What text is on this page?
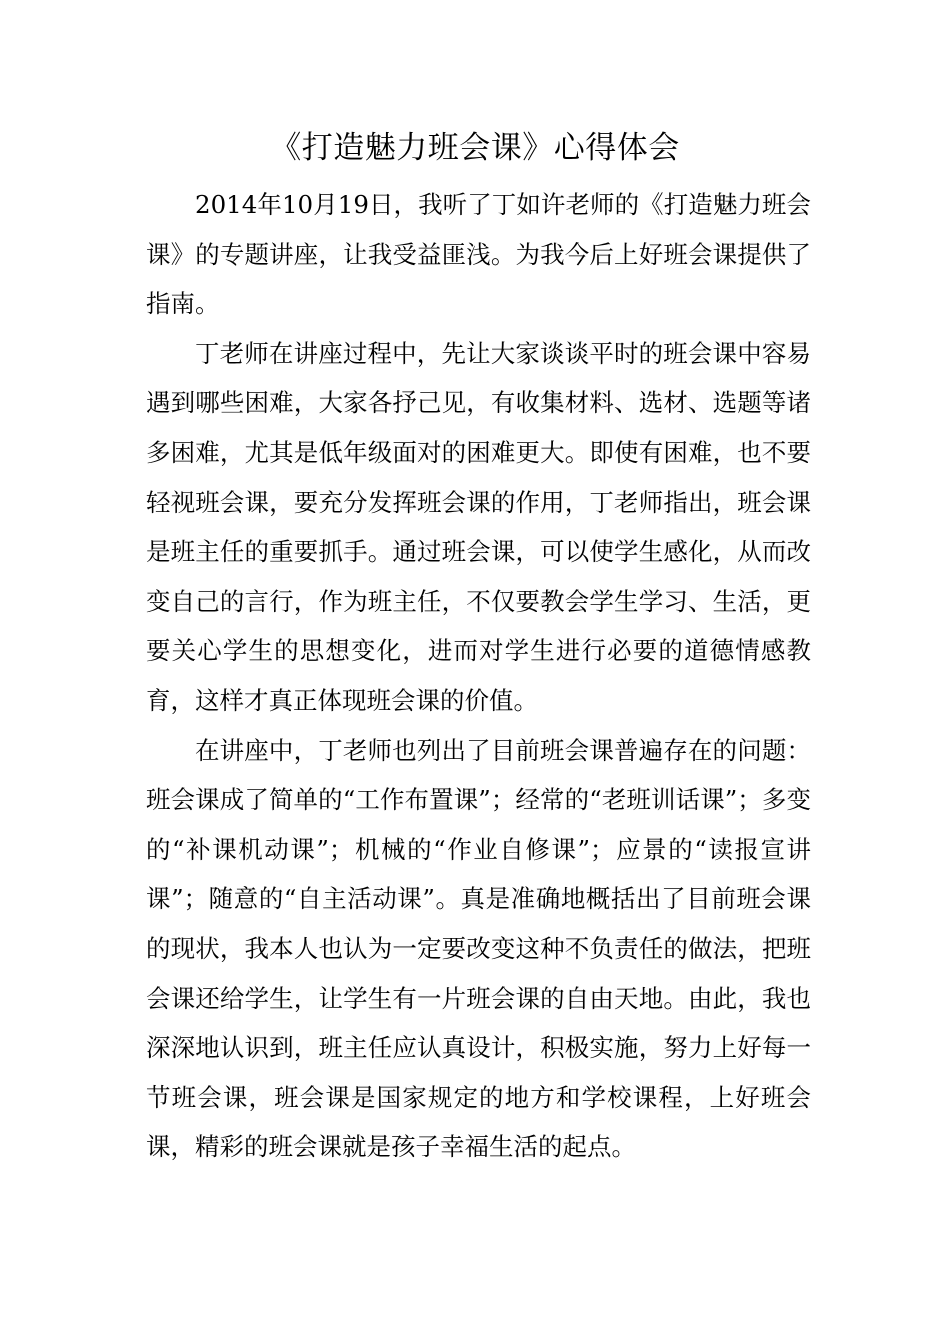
《打造魅力班会课》心得体会

2014年10月19日，我听了丁如许老师的《打造魅力班会课》的专题讲座，让我受益匪浅。为我今后上好班会课提供了指南。

丁老师在讲座过程中，先让大家谈谈平时的班会课中容易遇到哪些困难，大家各抒己见，有收集材料、选材、选题等诸多困难，尤其是低年级面对的困难更大。即使有困难，也不要轻视班会课，要充分发挥班会课的作用，丁老师指出，班会课是班主任的重要抓手。通过班会课，可以使学生感化，从而改变自己的言行，作为班主任，不仅要教会学生学习、生活，更要关心学生的思想变化，进而对学生进行必要的道德情感教育，这样才真正体现班会课的价值。

在讲座中，丁老师也列出了目前班会课普遍存在的问题：班会课成了简单的“工作布置课”；经常的“老班训话课”；多变的“补课机动课”；机械的“作业自修课”；应景的“读报宣讲课”；随意的“自主活动课”。真是准确地概括出了目前班会课的现状，我本人也认为一定要改变这种不负责任的做法，把班会课还给学生，让学生有一片班会课的自由天地。由此，我也深深地认识到，班主任应认真设计，积极实施，努力上好每一节班会课，班会课是国家规定的地方和学校课程，上好班会课，精彩的班会课就是孩子幸福生活的起点。
